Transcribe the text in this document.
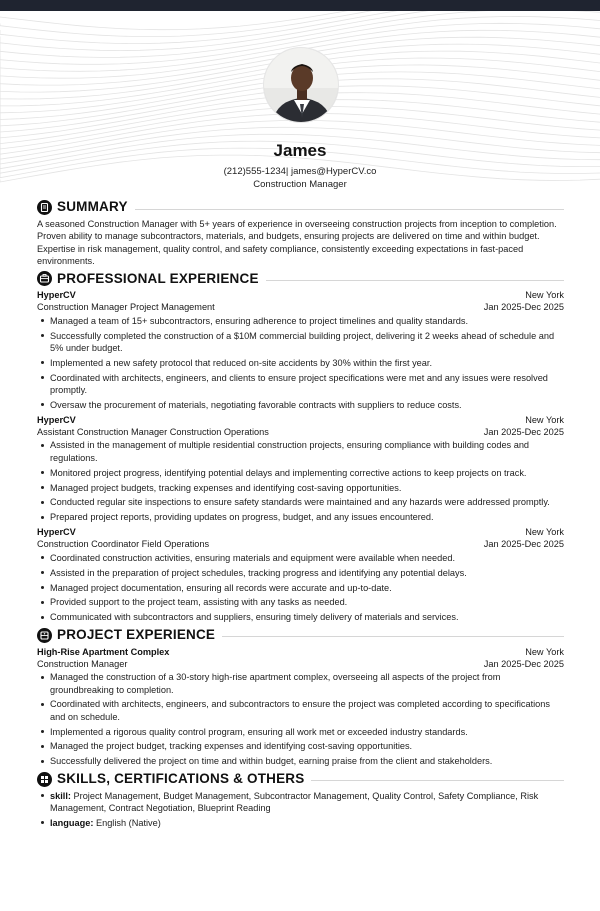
James
(212)555-1234| james@HyperCV.co
Construction Manager
SUMMARY
A seasoned Construction Manager with 5+ years of experience in overseeing construction projects from inception to completion. Proven ability to manage subcontractors, materials, and budgets, ensuring projects are delivered on time and within budget. Expertise in risk management, quality control, and safety compliance, consistently exceeding expectations in fast-paced environments.
PROFESSIONAL EXPERIENCE
HyperCV	New York
Construction Manager Project Management	Jan 2025-Dec 2025
Managed a team of 15+ subcontractors, ensuring adherence to project timelines and quality standards.
Successfully completed the construction of a $10M commercial building project, delivering it 2 weeks ahead of schedule and 5% under budget.
Implemented a new safety protocol that reduced on-site accidents by 30% within the first year.
Coordinated with architects, engineers, and clients to ensure project specifications were met and any issues were resolved promptly.
Oversaw the procurement of materials, negotiating favorable contracts with suppliers to reduce costs.
HyperCV	New York
Assistant Construction Manager Construction Operations	Jan 2025-Dec 2025
Assisted in the management of multiple residential construction projects, ensuring compliance with building codes and regulations.
Monitored project progress, identifying potential delays and implementing corrective actions to keep projects on track.
Managed project budgets, tracking expenses and identifying cost-saving opportunities.
Conducted regular site inspections to ensure safety standards were maintained and any hazards were addressed promptly.
Prepared project reports, providing updates on progress, budget, and any issues encountered.
HyperCV	New York
Construction Coordinator Field Operations	Jan 2025-Dec 2025
Coordinated construction activities, ensuring materials and equipment were available when needed.
Assisted in the preparation of project schedules, tracking progress and identifying any potential delays.
Managed project documentation, ensuring all records were accurate and up-to-date.
Provided support to the project team, assisting with any tasks as needed.
Communicated with subcontractors and suppliers, ensuring timely delivery of materials and services.
PROJECT EXPERIENCE
High-Rise Apartment Complex	New York
Construction Manager	Jan 2025-Dec 2025
Managed the construction of a 30-story high-rise apartment complex, overseeing all aspects of the project from groundbreaking to completion.
Coordinated with architects, engineers, and subcontractors to ensure the project was completed according to specifications and on schedule.
Implemented a rigorous quality control program, ensuring all work met or exceeded industry standards.
Managed the project budget, tracking expenses and identifying cost-saving opportunities.
Successfully delivered the project on time and within budget, earning praise from the client and stakeholders.
SKILLS, CERTIFICATIONS & OTHERS
skill: Project Management, Budget Management, Subcontractor Management, Quality Control, Safety Compliance, Risk Management, Contract Negotiation, Blueprint Reading
language: English (Native)
